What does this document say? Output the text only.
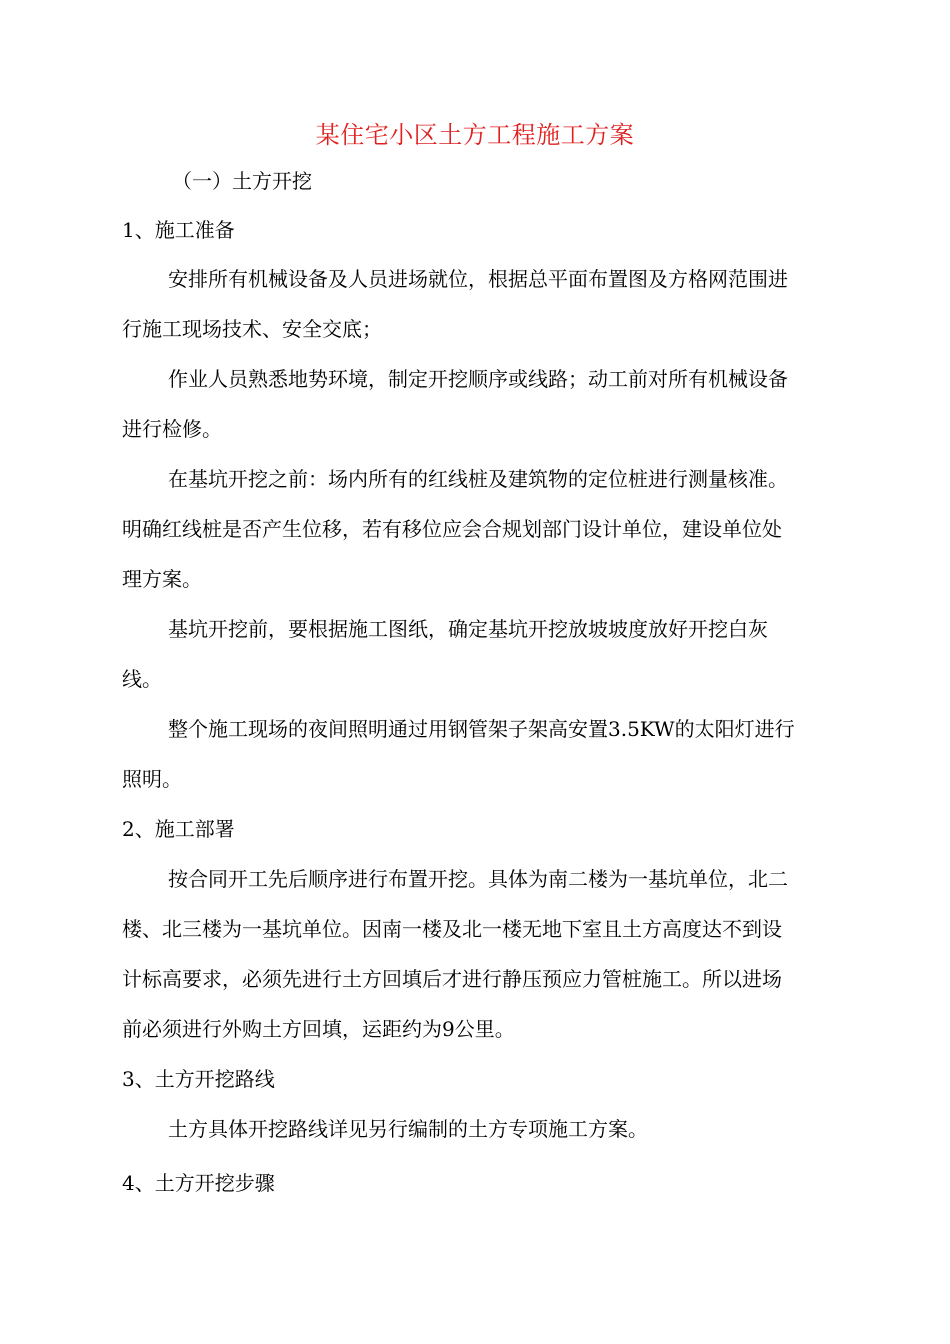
某住宅小区土方工程施工方案
（一）土方开挖
1、施工准备
安排所有机械设备及人员进场就位，根据总平面布置图及方格网范围进
行施工现场技术、安全交底；
作业人员熟悉地势环境，制定开挖顺序或线路；动工前对所有机械设备
进行检修。
在基坑开挖之前：场内所有的红线桩及建筑物的定位桩进行测量核准。
明确红线桩是否产生位移，若有移位应会合规划部门设计单位，建设单位处
理方案。
基坑开挖前，要根据施工图纸，确定基坑开挖放坡坡度放好开挖白灰
线。
整个施工现场的夜间照明通过用钢管架子架高安置3.5KW的太阳灯进行
照明。
2、施工部署
按合同开工先后顺序进行布置开挖。具体为南二楼为一基坑单位，北二
楼、北三楼为一基坑单位。因南一楼及北一楼无地下室且土方高度达不到设
计标高要求，必须先进行土方回填后才进行静压预应力管桩施工。所以进场
前必须进行外购土方回填，运距约为9公里。
3、土方开挖路线
土方具体开挖路线详见另行编制的土方专项施工方案。
4、土方开挖步骤
